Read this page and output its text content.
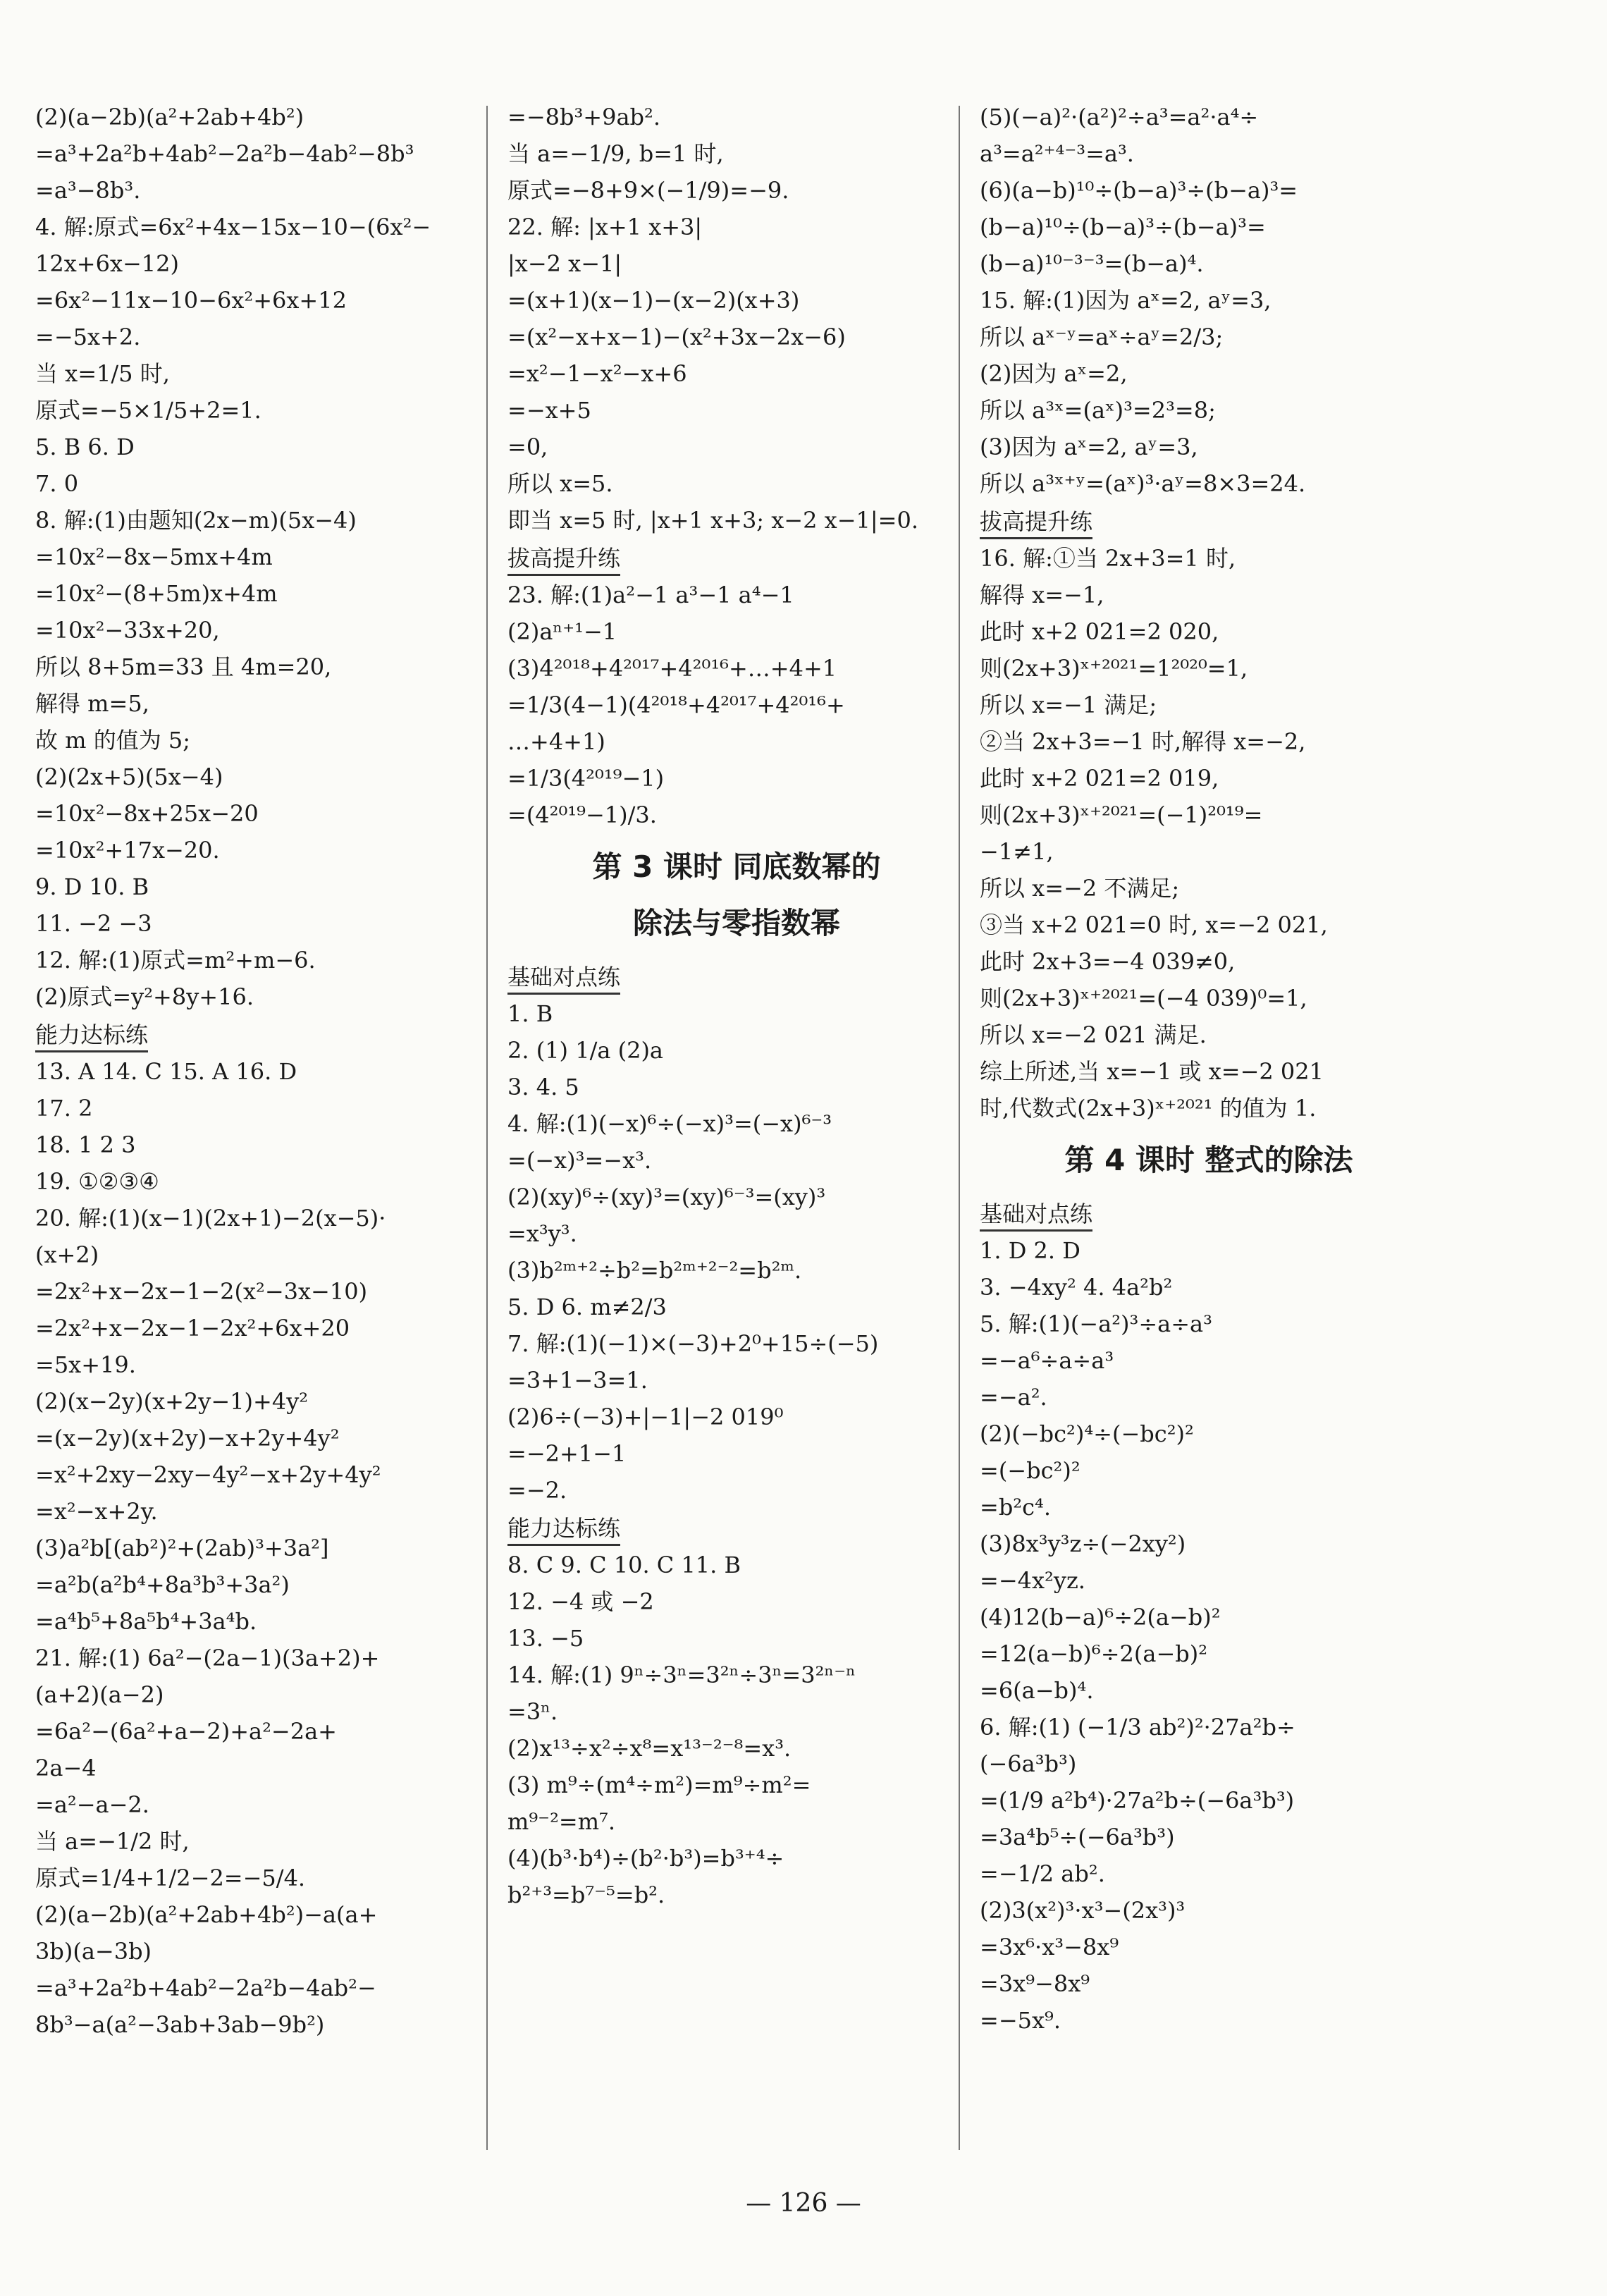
(2)(a−2b)(a²+2ab+4b²)
=a³+2a²b+4ab²−2a²b−4ab²−8b³
=a³−8b³.
4. 解:原式=6x²+4x−15x−10−(6x²−
12x+6x−12)
=6x²−11x−10−6x²+6x+12
=−5x+2.
当 x=1/5 时,
原式=−5×1/5+2=1.
5. B 6. D
7. 0
8. 解:(1)由题知(2x−m)(5x−4)
=10x²−8x−5mx+4m
=10x²−(8+5m)x+4m
=10x²−33x+20,
所以 8+5m=33 且 4m=20,
解得 m=5,
故 m 的值为 5;
(2)(2x+5)(5x−4)
=10x²−8x+25x−20
=10x²+17x−20.
9. D 10. B
11. −2 −3
12. 解:(1)原式=m²+m−6.
(2)原式=y²+8y+16.
能力达标练
13. A 14. C 15. A 16. D
17. 2
18. 1 2 3
19. ①②③④
20. 解:(1)(x−1)(2x+1)−2(x−5)·
(x+2)
=2x²+x−2x−1−2(x²−3x−10)
=2x²+x−2x−1−2x²+6x+20
=5x+19.
(2)(x−2y)(x+2y−1)+4y²
=(x−2y)(x+2y)−x+2y+4y²
=x²+2xy−2xy−4y²−x+2y+4y²
=x²−x+2y.
(3)a²b[(ab²)²+(2ab)³+3a²]
=a²b(a²b⁴+8a³b³+3a²)
=a⁴b⁵+8a⁵b⁴+3a⁴b.
21. 解:(1) 6a²−(2a−1)(3a+2)+
(a+2)(a−2)
=6a²−(6a²+a−2)+a²−2a+
2a−4
=a²−a−2.
当 a=−1/2 时,
原式=1/4+1/2−2=−5/4.
(2)(a−2b)(a²+2ab+4b²)−a(a+
3b)(a−3b)
=a³+2a²b+4ab²−2a²b−4ab²−
8b³−a(a²−3ab+3ab−9b²)
=−8b³+9ab².
当 a=−1/9, b=1 时,
原式=−8+9×(−1/9)=−9.
22. 解: |x+1 x+3|
|x−2 x−1|
=(x+1)(x−1)−(x−2)(x+3)
=(x²−x+x−1)−(x²+3x−2x−6)
=x²−1−x²−x+6
=−x+5
=0,
所以 x=5.
即当 x=5 时, |x+1 x+3; x−2 x−1|=0.
拔高提升练
23. 解:(1)a²−1 a³−1 a⁴−1
(2)aⁿ⁺¹−1
(3)4²⁰¹⁸+4²⁰¹⁷+4²⁰¹⁶+…+4+1
=1/3(4−1)(4²⁰¹⁸+4²⁰¹⁷+4²⁰¹⁶+
…+4+1)
=1/3(4²⁰¹⁹−1)
=(4²⁰¹⁹−1)/3.
第 3 课时 同底数幂的
除法与零指数幂
基础对点练
1. B
2. (1) 1/a (2)a
3. 4. 5
4. 解:(1)(−x)⁶÷(−x)³=(−x)⁶⁻³
=(−x)³=−x³.
(2)(xy)⁶÷(xy)³=(xy)⁶⁻³=(xy)³
=x³y³.
(3)b²ᵐ⁺²÷b²=b²ᵐ⁺²⁻²=b²ᵐ.
5. D 6. m≠2/3
7. 解:(1)(−1)×(−3)+2⁰+15÷(−5)
=3+1−3=1.
(2)6÷(−3)+|−1|−2 019⁰
=−2+1−1
=−2.
能力达标练
8. C 9. C 10. C 11. B
12. −4 或 −2
13. −5
14. 解:(1) 9ⁿ÷3ⁿ=3²ⁿ÷3ⁿ=3²ⁿ⁻ⁿ
=3ⁿ.
(2)x¹³÷x²÷x⁸=x¹³⁻²⁻⁸=x³.
(3) m⁹÷(m⁴÷m²)=m⁹÷m²=
m⁹⁻²=m⁷.
(4)(b³·b⁴)÷(b²·b³)=b³⁺⁴÷
b²⁺³=b⁷⁻⁵=b².
(5)(−a)²·(a²)²÷a³=a²·a⁴÷
a³=a²⁺⁴⁻³=a³.
(6)(a−b)¹⁰÷(b−a)³÷(b−a)³=
(b−a)¹⁰÷(b−a)³÷(b−a)³=
(b−a)¹⁰⁻³⁻³=(b−a)⁴.
15. 解:(1)因为 aˣ=2, aʸ=3,
所以 aˣ⁻ʸ=aˣ÷aʸ=2/3;
(2)因为 aˣ=2,
所以 a³ˣ=(aˣ)³=2³=8;
(3)因为 aˣ=2, aʸ=3,
所以 a³ˣ⁺ʸ=(aˣ)³·aʸ=8×3=24.
拔高提升练
16. 解:①当 2x+3=1 时,
解得 x=−1,
此时 x+2 021=2 020,
则(2x+3)ˣ⁺²⁰²¹=1²⁰²⁰=1,
所以 x=−1 满足;
②当 2x+3=−1 时,解得 x=−2,
此时 x+2 021=2 019,
则(2x+3)ˣ⁺²⁰²¹=(−1)²⁰¹⁹=
−1≠1,
所以 x=−2 不满足;
③当 x+2 021=0 时, x=−2 021,
此时 2x+3=−4 039≠0,
则(2x+3)ˣ⁺²⁰²¹=(−4 039)⁰=1,
所以 x=−2 021 满足.
综上所述,当 x=−1 或 x=−2 021
时,代数式(2x+3)ˣ⁺²⁰²¹ 的值为 1.
第 4 课时 整式的除法
基础对点练
1. D 2. D
3. −4xy² 4. 4a²b²
5. 解:(1)(−a²)³÷a÷a³
=−a⁶÷a÷a³
=−a².
(2)(−bc²)⁴÷(−bc²)²
=(−bc²)²
=b²c⁴.
(3)8x³y³z÷(−2xy²)
=−4x²yz.
(4)12(b−a)⁶÷2(a−b)²
=12(a−b)⁶÷2(a−b)²
=6(a−b)⁴.
6. 解:(1) (−1/3 ab²)²·27a²b÷
(−6a³b³)
=(1/9 a²b⁴)·27a²b÷(−6a³b³)
=3a⁴b⁵÷(−6a³b³)
=−1/2 ab².
(2)3(x²)³·x³−(2x³)³
=3x⁶·x³−8x⁹
=3x⁹−8x⁹
=−5x⁹.
— 126 —
